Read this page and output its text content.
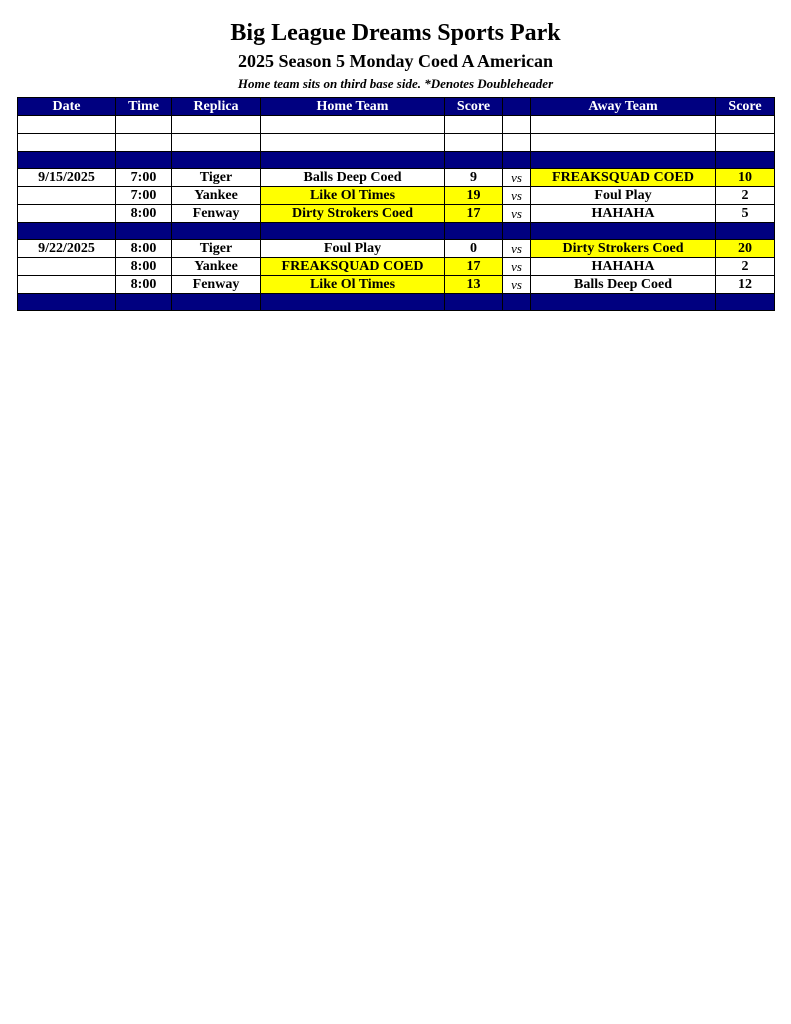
Big League Dreams Sports Park
2025 Season 5 Monday Coed A American
Home team sits on third base side. *Denotes Doubleheader
Date	Time	Replica	Home Team	Score		Away Team	Score

9/15/2025	7:00	Tiger	Balls Deep Coed	9	vs	FREAKSQUAD COED	10
	7:00	Yankee	Like Ol Times	19	vs	Foul Play	2
	8:00	Fenway	Dirty Strokers Coed	17	vs	HAHAHA	5

9/22/2025	8:00	Tiger	Foul Play	0	vs	Dirty Strokers Coed	20
	8:00	Yankee	FREAKSQUAD COED	17	vs	HAHAHA	2
	8:00	Fenway	Like Ol Times	13	vs	Balls Deep Coed	12
